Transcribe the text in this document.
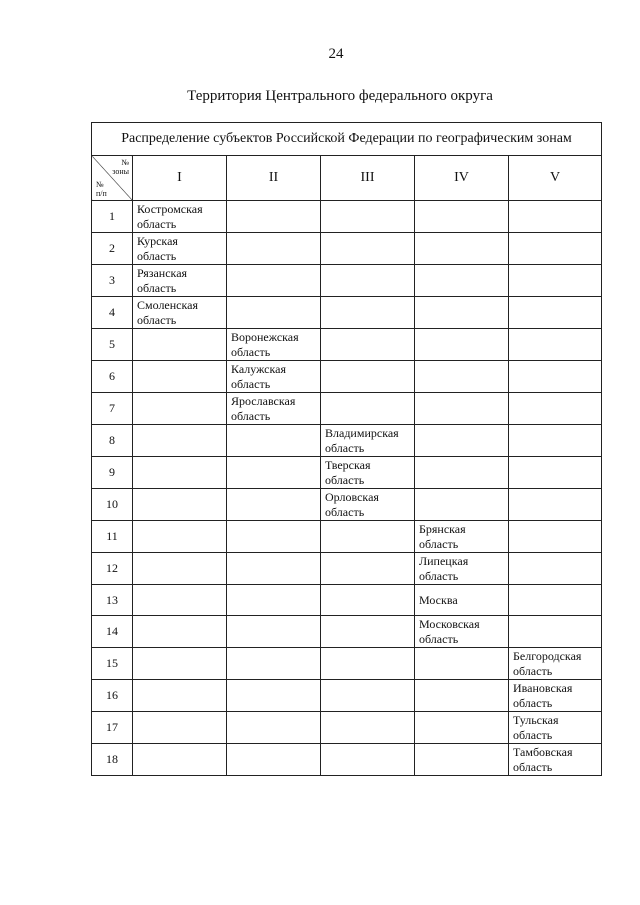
24
Территория Центрального федерального округа
Распределение субъектов Российской Федерации по географическим зонам					

№
зоны
№
п/п	I	II	III	IV	V
1	Костромская
область				
2	Курская
область				
3	Рязанская
область				
4	Смоленская
область				
5		Воронежская
область			
6		Калужская
область			
7		Ярославская
область			
8			Владимирская
область		
9			Тверская
область		
10			Орловская
область		
11				Брянская
область	
12				Липецкая
область	
13				Москва	
14				Московская
область	
15					Белгородская
область
16					Ивановская
область
17					Тульская
область
18					Тамбовская
область
